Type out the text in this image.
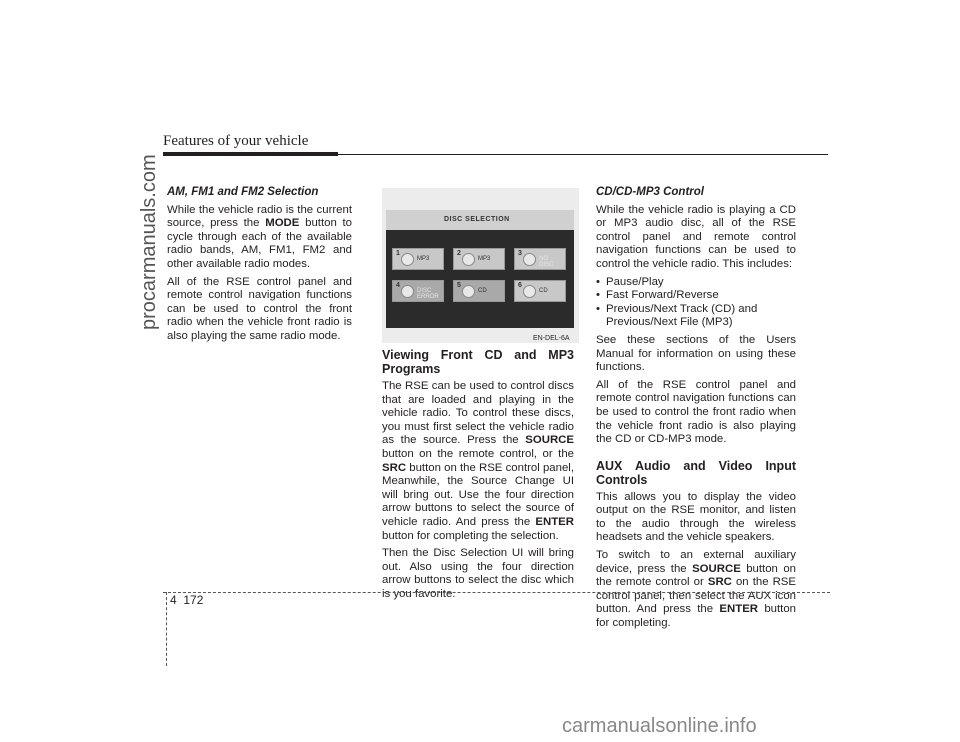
Features of your vehicle
procarmanuals.com AM, FM1 and FM2 Selection

While the vehicle radio is the current source, press the MODE button to cycle through each of the available radio bands, AM, FM1, FM2 and other available radio modes.

All of the RSE control panel and remote control navigation functions can be used to control the front radio when the vehicle front radio is also playing the same radio mode.

DISC SELECTION
1
MP3
2
MP3
3
NO DISC
4
DISC ERROR
5
CD
6
CD
EN-DEL-6A

Viewing Front CD and MP3 Programs

The RSE can be used to control discs that are loaded and playing in the vehicle radio. To control these discs, you must first select the vehicle radio as the source. Press the SOURCE button on the remote control, or the SRC button on the RSE control panel, Meanwhile, the Source Change UI will bring out. Use the four direction arrow buttons to select the source of vehicle radio. And press the ENTER button for completing the selection.

Then the Disc Selection UI will bring out. Also using the four direction arrow buttons to select the disc which is you favorite.

CD/CD-MP3 Control

While the vehicle radio is playing a CD or MP3 audio disc, all of the RSE control panel and remote control navigation functions can be used to control the vehicle radio. This includes:

• Pause/Play
• Fast Forward/Reverse
• Previous/Next Track (CD) and Previous/Next File (MP3)

See these sections of the Users Manual for information on using these functions.

All of the RSE control panel and remote control navigation functions can be used to control the front radio when the vehicle front radio is also playing the CD or CD-MP3 mode.

AUX Audio and Video Input Controls

This allows you to display the video output on the RSE monitor, and listen to the audio through the wireless headsets and the vehicle speakers.

To switch to an external auxiliary device, press the SOURCE button on the remote control or SRC on the RSE control panel, then select the AUX icon button. And press the ENTER button for completing.

4 172
carmanualsonline.info
